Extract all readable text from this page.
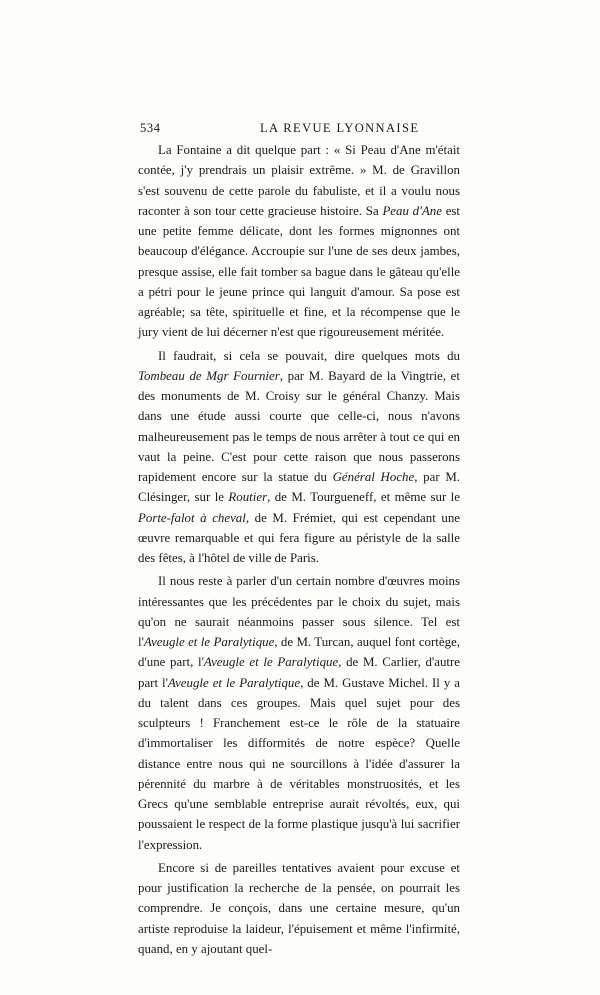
534	LA REVUE LYONNAISE

La Fontaine a dit quelque part : « Si Peau d'Ane m'était contée, j'y prendrais un plaisir extrême. » M. de Gravillon s'est souvenu de cette parole du fabuliste, et il a voulu nous raconter à son tour cette gracieuse histoire. Sa Peau d'Ane est une petite femme délicate, dont les formes mignonnes ont beaucoup d'élégance. Accroupie sur l'une de ses deux jambes, presque assise, elle fait tomber sa bague dans le gâteau qu'elle a pétri pour le jeune prince qui languit d'amour. Sa pose est agréable; sa tête, spirituelle et fine, et la récompense que le jury vient de lui décerner n'est que rigoureusement méritée.

Il faudrait, si cela se pouvait, dire quelques mots du Tombeau de Mgr Fournier, par M. Bayard de la Vingtrie, et des monuments de M. Croisy sur le général Chanzy. Mais dans une étude aussi courte que celle-ci, nous n'avons malheureusement pas le temps de nous arrêter à tout ce qui en vaut la peine. C'est pour cette raison que nous passerons rapidement encore sur la statue du Général Hoche, par M. Clésinger, sur le Routier, de M. Tourgueneff, et même sur le Porte-falot à cheval, de M. Frémiet, qui est cependant une œuvre remarquable et qui fera figure au péristyle de la salle des fêtes, à l'hôtel de ville de Paris.

Il nous reste à parler d'un certain nombre d'œuvres moins intéressantes que les précédentes par le choix du sujet, mais qu'on ne saurait néanmoins passer sous silence. Tel est l'Aveugle et le Paralytique, de M. Turcan, auquel font cortège, d'une part, l'Aveugle et le Paralytique, de M. Carlier, d'autre part l'Aveugle et le Paralytique, de M. Gustave Michel. Il y a du talent dans ces groupes. Mais quel sujet pour des sculpteurs ! Franchement est-ce le rôle de la statuaire d'immortaliser les difformités de notre espèce? Quelle distance entre nous qui ne sourcillons à l'idée d'assurer la pérennité du marbre à de véritables monstruosités, et les Grecs qu'une semblable entreprise aurait révoltés, eux, qui poussaient le respect de la forme plastique jusqu'à lui sacrifier l'expression.

Encore si de pareilles tentatives avaient pour excuse et pour justification la recherche de la pensée, on pourrait les comprendre. Je conçois, dans une certaine mesure, qu'un artiste reproduise la laideur, l'épuisement et même l'infirmité, quand, en y ajoutant quel-
